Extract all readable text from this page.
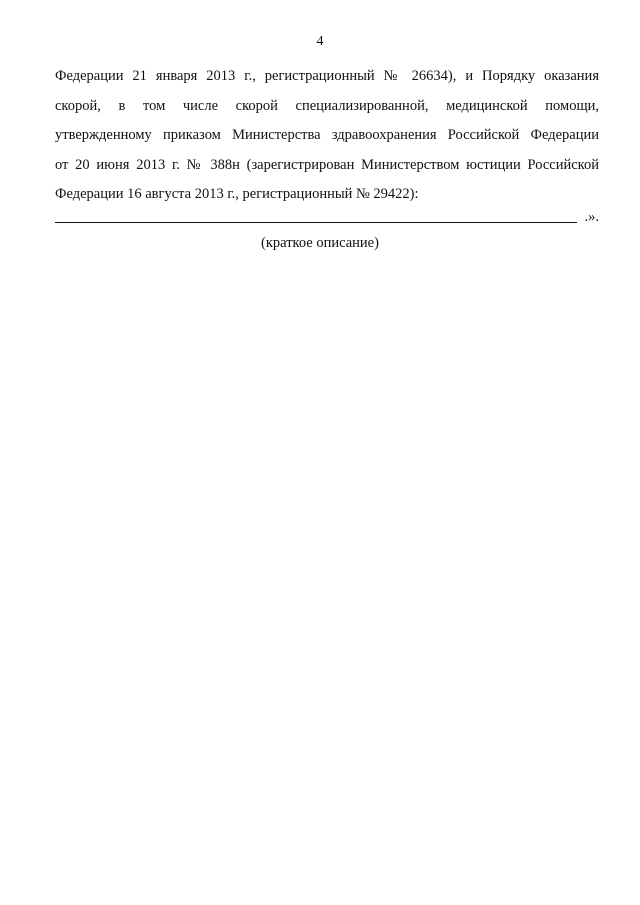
4
Федерации 21 января 2013 г., регистрационный № 26634), и Порядку оказания
скорой, в том числе скорой специализированной, медицинской помощи,
утвержденному приказом Министерства здравоохранения Российской Федерации
от 20 июня 2013 г. № 388н (зарегистрирован Министерством юстиции Российской
Федерации 16 августа 2013 г., регистрационный № 29422):
.».
(краткое описание)
